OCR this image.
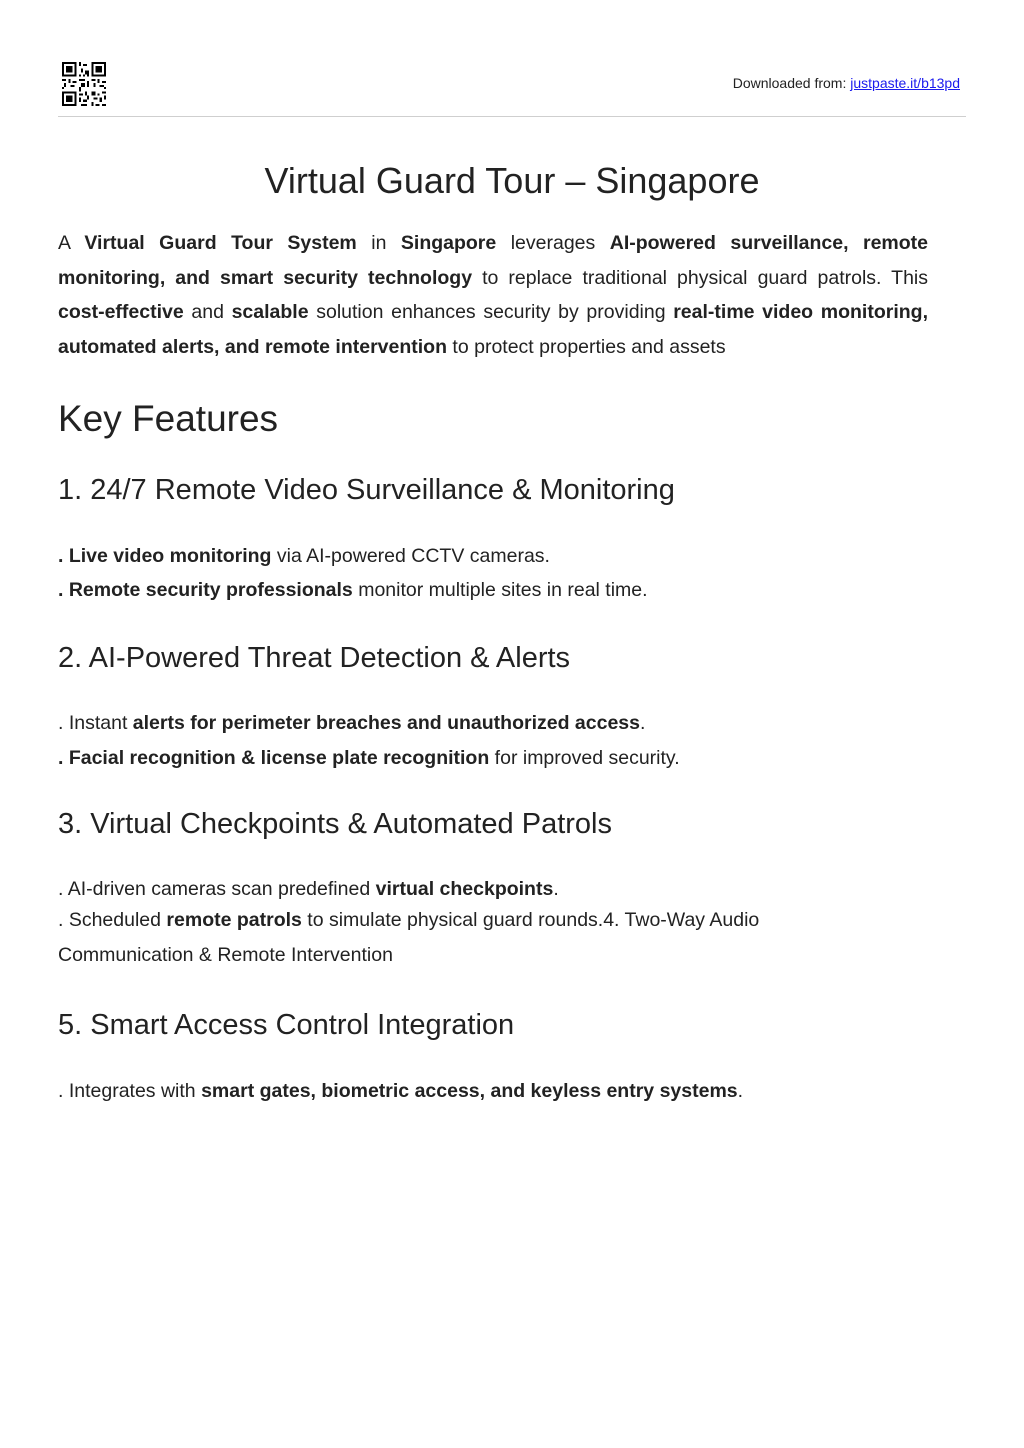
Downloaded from: justpaste.it/b13pd
Virtual Guard Tour – Singapore

A Virtual Guard Tour System in Singapore leverages AI-powered surveillance, remote monitoring, and smart security technology to replace traditional physical guard patrols. This cost-effective and scalable solution enhances security by providing real-time video monitoring, automated alerts, and remote intervention to protect properties and assets

Key Features
1. 24/7 Remote Video Surveillance & Monitoring

. Live video monitoring via AI-powered CCTV cameras.

. Remote security professionals monitor multiple sites in real time.

2. AI-Powered Threat Detection & Alerts

. Instant alerts for perimeter breaches and unauthorized access.

. Facial recognition & license plate recognition for improved security.

3. Virtual Checkpoints & Automated Patrols

. AI-driven cameras scan predefined virtual checkpoints.

. Scheduled remote patrols to simulate physical guard rounds.4. Two-Way Audio

Communication & Remote Intervention

5. Smart Access Control Integration

. Integrates with smart gates, biometric access, and keyless entry systems.
